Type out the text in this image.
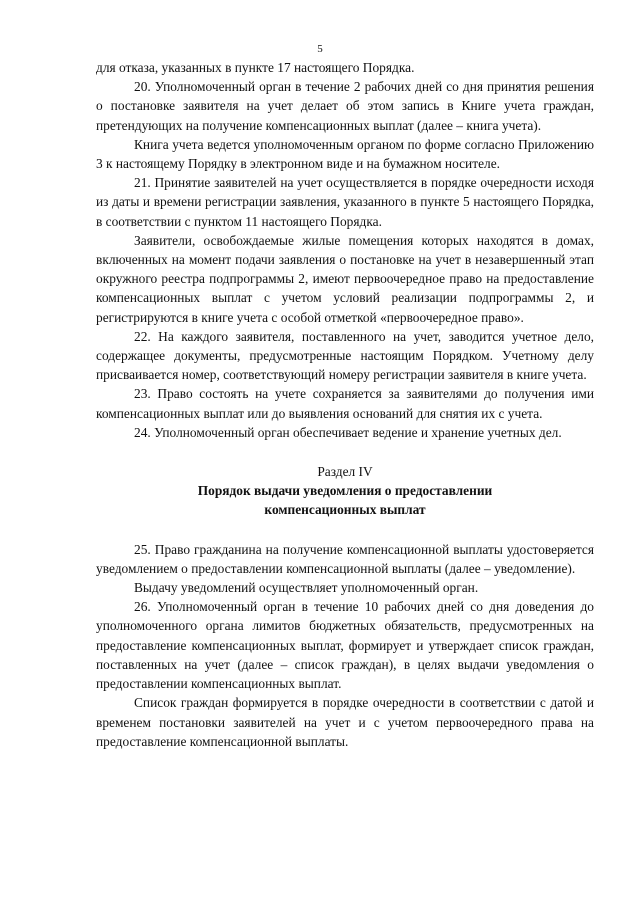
5

для отказа, указанных в пункте 17 настоящего Порядка.

20. Уполномоченный орган в течение 2 рабочих дней со дня принятия решения о постановке заявителя на учет делает об этом запись в Книге учета граждан, претендующих на получение компенсационных выплат (далее – книга учета).

Книга учета ведется уполномоченным органом по форме согласно Приложению 3 к настоящему Порядку в электронном виде и на бумажном носителе.

21. Принятие заявителей на учет осуществляется в порядке очередности исходя из даты и времени регистрации заявления, указанного в пункте 5 настоящего Порядка, в соответствии с пунктом 11 настоящего Порядка.

Заявители, освобождаемые жилые помещения которых находятся в домах, включенных на момент подачи заявления о постановке на учет в незавершенный этап окружного реестра подпрограммы 2, имеют первоочередное право на предоставление компенсационных выплат с учетом условий реализации подпрограммы 2, и регистрируются в книге учета с особой отметкой «первоочередное право».

22. На каждого заявителя, поставленного на учет, заводится учетное дело, содержащее документы, предусмотренные настоящим Порядком. Учетному делу присваивается номер, соответствующий номеру регистрации заявителя в книге учета.

23. Право состоять на учете сохраняется за заявителями до получения ими компенсационных выплат или до выявления оснований для снятия их с учета.

24. Уполномоченный орган обеспечивает ведение и хранение учетных дел.

Раздел IV

Порядок выдачи уведомления о предоставлении

компенсационных выплат

25. Право гражданина на получение компенсационной выплаты удостоверяется уведомлением о предоставлении компенсационной выплаты (далее – уведомление).

Выдачу уведомлений осуществляет уполномоченный орган.

26. Уполномоченный орган в течение 10 рабочих дней со дня доведения до уполномоченного органа лимитов бюджетных обязательств, предусмотренных на предоставление компенсационных выплат, формирует и утверждает список граждан, поставленных на учет (далее – список граждан), в целях выдачи уведомления о предоставлении компенсационных выплат.

Список граждан формируется в порядке очередности в соответствии с датой и временем постановки заявителей на учет и с учетом первоочередного права на предоставление компенсационной выплаты.
